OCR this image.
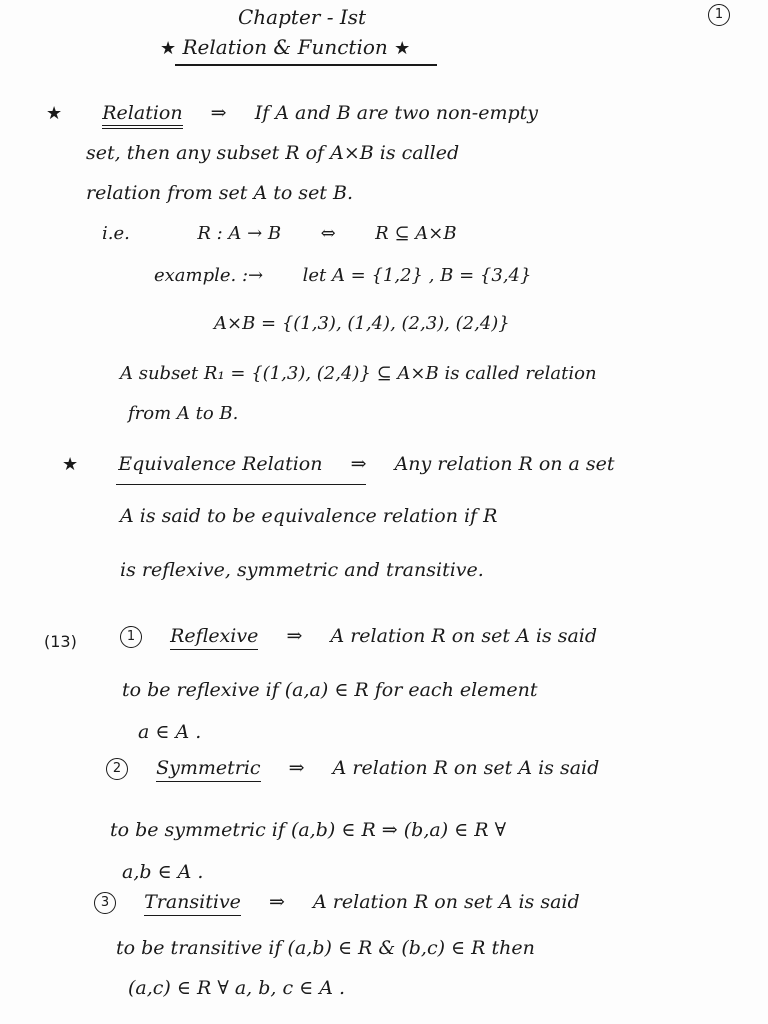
Chapter - Ist	1
★ Relation & Function ★
★ Relation ⇒ If A and B are two non-empty
set, then any subset R of A×B is called
relation from set A to set B.
i.e.	R : A → B ⇔ R ⊆ A×B
example. :→ let A = {1,2} , B = {3,4}
A×B = {(1,3), (1,4), (2,3), (2,4)}
A subset R₁ = {(1,3), (2,4)} ⊆ A×B is called relation
from A to B.
★ Equivalence Relation ⇒ Any relation R on a set
A is said to be equivalence relation if R
is reflexive, symmetric and transitive.
(13)	1 Reflexive ⇒ A relation R on set A is said
to be reflexive if (a,a) ∈ R for each element
a ∈ A .
2 Symmetric ⇒ A relation R on set A is said
to be symmetric if (a,b) ∈ R ⇒ (b,a) ∈ R ∀
a,b ∈ A .
3 Transitive ⇒ A relation R on set A is said
to be transitive if (a,b) ∈ R & (b,c) ∈ R then
(a,c) ∈ R ∀ a, b, c ∈ A .
